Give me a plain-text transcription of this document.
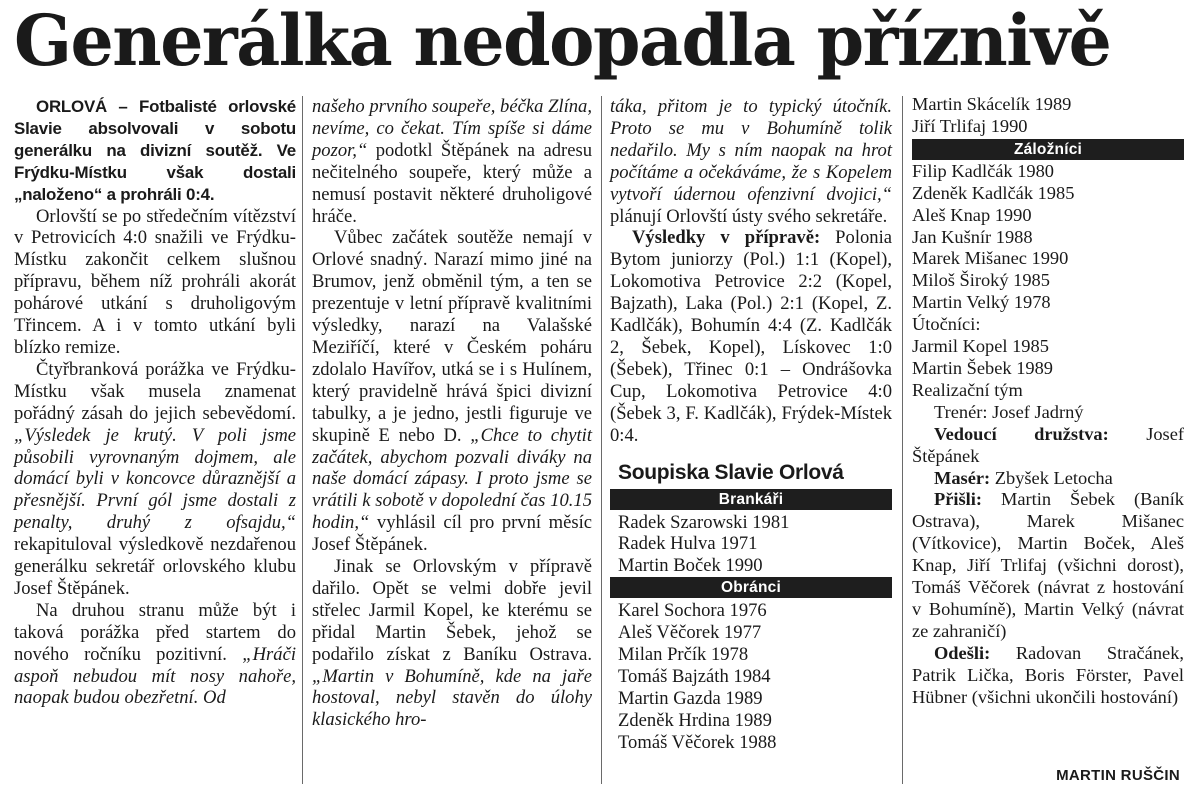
Generálka nedopadla příznivě

ORLOVÁ – Fotbalisté orlovské Slavie absolvovali v sobotu generálku na divizní soutěž. Ve Frýdku-Místku však dostali „naloženo“ a prohráli 0:4.

Orlovští se po středečním vítězství v Petrovicích 4:0 snažili ve Frýdku-Místku zakončit celkem slušnou přípravu, během níž prohráli akorát pohárové utkání s druholigovým Třincem. A i v tomto utkání byli blízko remize.

Čtyřbranková porážka ve Frýdku-Místku však musela znamenat pořádný zásah do jejich sebevědomí. „Výsledek je krutý. V poli jsme působili vyrovnaným dojmem, ale domácí byli v koncovce důraznější a přesnější. První gól jsme dostali z penalty, druhý z ofsajdu,“ rekapituloval výsledkově nezdařenou generálku sekretář orlovského klubu Josef Štěpánek.

Na druhou stranu může být i taková porážka před startem do nového ročníku pozitivní. „Hráči aspoň nebudou mít nosy nahoře, naopak budou obezřetní. Od

našeho prvního soupeře, béčka Zlína, nevíme, co čekat. Tím spíše si dáme pozor,“ podotkl Štěpánek na adresu nečitelného soupeře, který může a nemusí postavit některé druholigové hráče.

Vůbec začátek soutěže nemají v Orlové snadný. Narazí mimo jiné na Brumov, jenž obměnil tým, a ten se prezentuje v letní přípravě kvalitními výsledky, narazí na Valašské Meziříčí, které v Českém poháru zdolalo Havířov, utká se i s Hulínem, který pravidelně hrává špici divizní tabulky, a je jedno, jestli figuruje ve skupině E nebo D. „Chce to chytit začátek, abychom pozvali diváky na naše domácí zápasy. I proto jsme se vrátili k sobotě v dopolední čas 10.15 hodin,“ vyhlásil cíl pro první měsíc Josef Štěpánek.

Jinak se Orlovským v přípravě dařilo. Opět se velmi dobře jevil střelec Jarmil Kopel, ke kterému se přidal Martin Šebek, jehož se podařilo získat z Baníku Ostrava. „Martin v Bohumíně, kde na jaře hostoval, nebyl stavěn do úlohy klasického hro-

táka, přitom je to typický útočník. Proto se mu v Bohumíně tolik nedařilo. My s ním naopak na hrot počítáme a očekáváme, že s Kopelem vytvoří údernou ofenzivní dvojici,“ plánují Orlovští ústy svého sekretáře.

Výsledky v přípravě: Polonia Bytom juniorzy (Pol.) 1:1 (Kopel), Lokomotiva Petrovice 2:2 (Kopel, Bajzath), Laka (Pol.) 2:1 (Kopel, Z. Kadlčák), Bohumín 4:4 (Z. Kadlčák 2, Šebek, Kopel), Lískovec 1:0 (Šebek), Třinec 0:1 – Ondrášovka Cup, Lokomotiva Petrovice 4:0 (Šebek 3, F. Kadlčák), Frýdek-Místek 0:4.

Soupiska Slavie Orlová
Brankáři
Radek Szarowski 1981
Radek Hulva 1971
Martin Boček 1990
Obránci
Karel Sochora 1976
Aleš Věčorek 1977
Milan Prčík 1978
Tomáš Bajzáth 1984
Martin Gazda 1989
Zdeněk Hrdina 1989
Tomáš Věčorek 1988
Martin Skácelík 1989
Jiří Trlifaj 1990
Záložníci
Filip Kadlčák 1980
Zdeněk Kadlčák 1985
Aleš Knap 1990
Jan Kušnír 1988
Marek Mišanec 1990
Miloš Široký 1985
Martin Velký 1978
Útočníci:
Jarmil Kopel 1985
Martin Šebek 1989
Realizační tým

Trenér: Josef Jadrný

Vedoucí družstva: Josef Štěpánek

Masér: Zbyšek Letocha

Přišli: Martin Šebek (Baník Ostrava), Marek Mišanec (Vítkovice), Martin Boček, Aleš Knap, Jiří Trlifaj (všichni dorost), Tomáš Věčorek (návrat z hostování v Bohumíně), Martin Velký (návrat ze zahraničí)

Odešli: Radovan Stračánek, Patrik Lička, Boris Förster, Pavel Hübner (všichni ukončili hostování)

MARTIN RUŠČIN
